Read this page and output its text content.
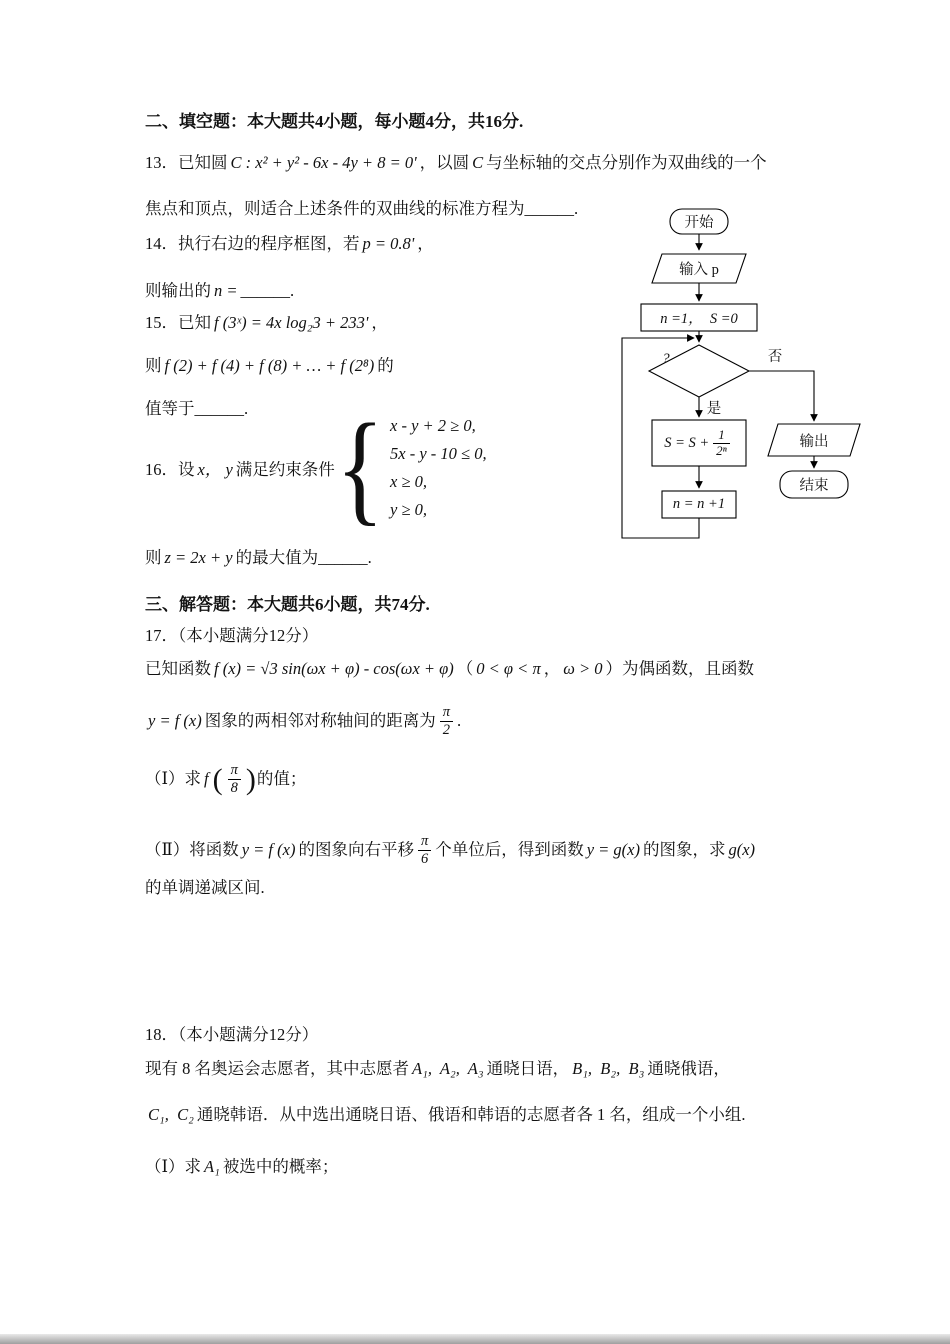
二、填空题：本大题共4小题，每小题4分，共16分.
13．已知圆 C : x² + y² - 6x - 4y + 8 = 0' ，以圆 C 与坐标轴的交点分别作为双曲线的一个
焦点和顶点，则适合上述条件的双曲线的标准方程为______.
14．执行右边的程序框图，若 p = 0.8' ，
则输出的 n = ______.
15．已知 f (3ˣ) = 4x log₂3 + 233' ，
则 f (2) + f (4) + f (8) + … + f (2⁸) 的
值等于______.
16．设 x， y 满足约束条件 { x - y + 2 ≥ 0,
5x - y - 10 ≤ 0,
x ≥ 0,
y ≥ 0,
则 z = 2x + y 的最大值为______.
三、解答题：本大题共6小题，共74分.
17．（本小题满分12分）
已知函数 f (x) = √3 sin(ωx + φ) - cos(ωx + φ) （ 0 < φ < π ， ω > 0 ）为偶函数，且函数
y = f (x) 图象的两相邻对称轴间的距离为 $\frac{\pi}{2}$ .
（Ⅰ）求 f ( $\frac{\pi}{8}$ ) 的值；
（Ⅱ）将函数 y = f (x) 的图象向右平移 $\frac{\pi}{6}$ 个单位后，得到函数 y = g(x) 的图象，求 g(x)
的单调递减区间.
18．（本小题满分12分）
现有 8 名奥运会志愿者，其中志愿者 A₁,  A₂,  A₃ 通晓日语， B₁,  B₂,  B₃ 通晓俄语，
C₁,  C₂ 通晓韩语．从中选出通晓日语、俄语和韩语的志愿者各 1 名，组成一个小组.
（Ⅰ）求 A₁ 被选中的概率；
开始
输入 p
n =1，  S =0
?	否
是
$S = S + \frac{1}{\text{2ⁿ}}$
n = n +1
输出
结束
